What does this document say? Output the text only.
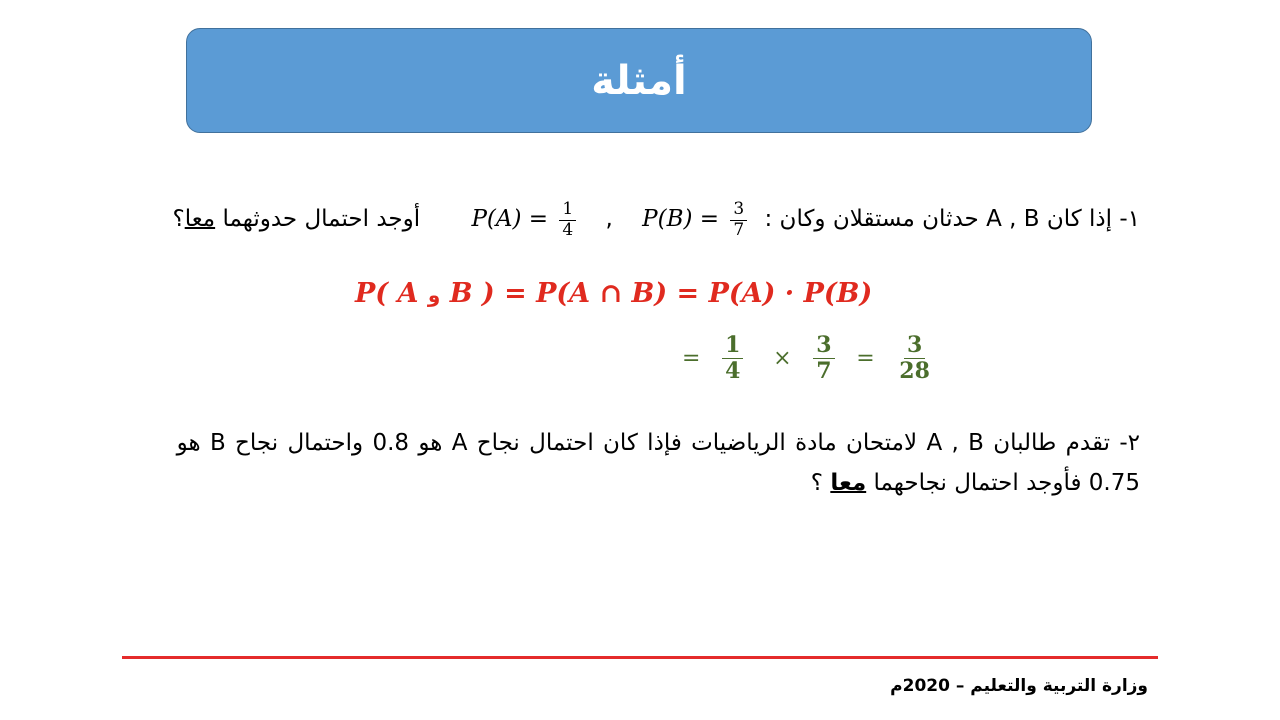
أمثلة
١- إذا كان A , B حدثان مستقلان وكان : $P(B) = \frac{3}{7}$
, $P(A) = \frac{1}{4}$
أوجد احتمال حدوثهما معا؟
P( A و B ) = P(A ∩ B) = P(A) · P(B)
= $\frac{1}{4} \times \frac{3}{7} = \frac{3}{28}$
٢- تقدم طالبان A , B لامتحان مادة الرياضيات فإذا كان احتمال نجاح A هو 0.8 واحتمال نجاح B هو
0.75 فأوجد احتمال نجاحهما معا ؟
وزارة التربية والتعليم – 2020م
